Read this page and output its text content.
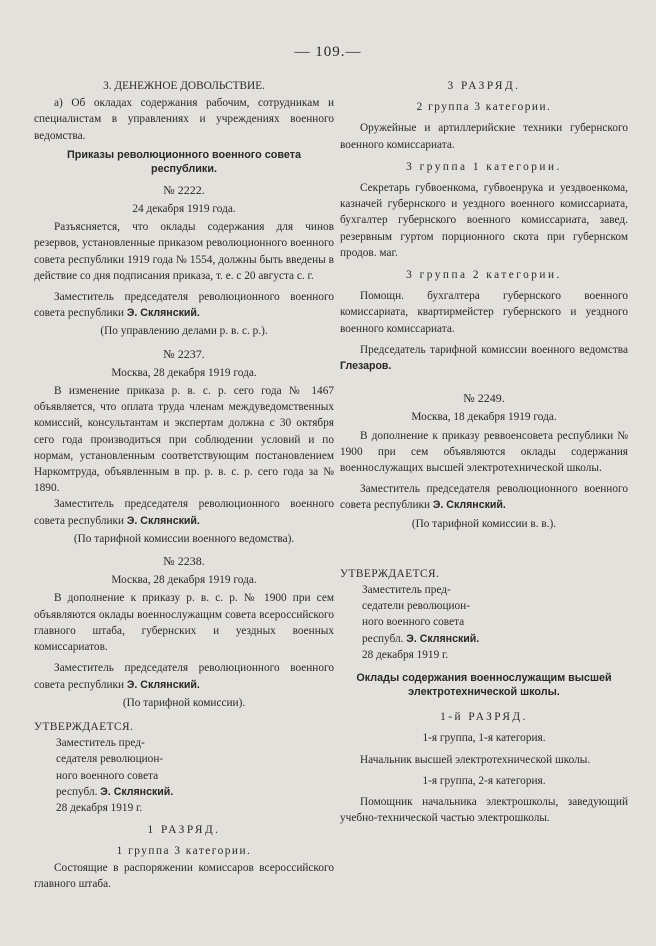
— 109.—

3. ДЕНЕЖНОЕ ДОВОЛЬСТВИЕ.

а) Об окладах содержания рабочим, сотрудникам и специалистам в управлениях и учреждениях военного ведомства.

Приказы революционного военного совета республики.

№ 2222.

24 декабря 1919 года.

Разъясняется, что оклады содержания для чинов резервов, установленные приказом революционного военного совета республики 1919 года № 1554, должны быть введены в действие со дня подписания приказа, т. е. с 20 августа с. г.

Заместитель председателя революционного военного совета республики Э. Склянский.

(По управлению делами р. в. с. р.).

№ 2237.

Москва, 28 декабря 1919 года.

В изменение приказа р. в. с. р. сего года № 1467 объявляется, что оплата труда членам междуведомственных комиссий, консультантам и экспертам должна с 30 октября сего года производиться при соблюдении условий и по нормам, установленным соответствующим постановлением Наркомтруда, объявленным в пр. р. в. с. р. сего года за № 1890.

Заместитель председателя революционного военного совета республики Э. Склянский.

(По тарифной комиссии военного ведомства).

№ 2238.

Москва, 28 декабря 1919 года.

В дополнение к приказу р. в. с. р. № 1900 при сем объявляются оклады военнослужащим совета всероссийского главного штаба, губернских и уездных военных комиссариатов.

Заместитель председателя революционного военного совета республики Э. Склянский.

(По тарифной комиссии).

УТВЕРЖДАЕТСЯ.

Заместитель пред-
седателя революцион-
ного военного совета
республ. Э. Склянский.
28 декабря 1919 г.

1 РАЗРЯД.

1 группа 3 категории.

Состоящие в распоряжении комиссаров всероссийского главного штаба.

3 РАЗРЯД.

2 группа 3 категории.

Оружейные и артиллерийские техники губернского военного комиссариата.

3 группа 1 категории.

Секретарь губвоенкома, губвоенрука и уездвоенкома, казначей губернского и уездного военного комиссариата, бухгалтер губернского военного комиссариата, завед. резервным гуртом порционного скота при губернском продов. маг.

3 группа 2 категории.

Помощн. бухгалтера губернского военного комиссариата, квартирмейстер губернского и уездного военного комиссариата.

Председатель тарифной комиссии военного ведомства Глезаров.

№ 2249.

Москва, 18 декабря 1919 года.

В дополнение к приказу реввоенсовета республики № 1900 при сем объявляются оклады содержания военнослужащих высшей электротехнической школы.

Заместитель председателя революционного военного совета республики Э. Склянский.

(По тарифной комиссии в. в.).

УТВЕРЖДАЕТСЯ.

Заместитель пред-
седатели революцион-
ного военного совета
республ. Э. Склянский.
28 декабря 1919 г.

Оклады содержания военнослужащим высшей электротехнической школы.

1-й РАЗРЯД.

1-я группа, 1-я категория.

Начальник высшей электротехнической школы.

1-я группа, 2-я категория.

Помощник начальника электрошколы, заведующий учебно-технической частью электрошколы.
